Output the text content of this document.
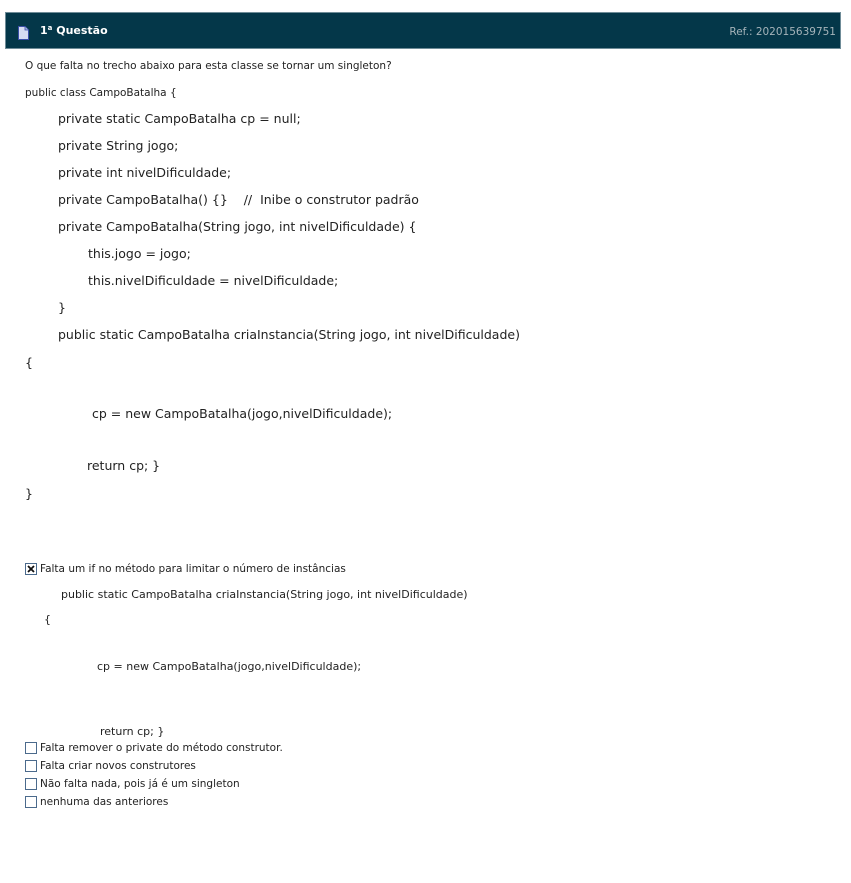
1$^a$ Questão	Ref.: 202015639751
O que falta no trecho abaixo para esta classe se tornar um singleton?
public class CampoBatalha {
private static CampoBatalha cp = null;
private String jogo;
private int nivelDificuldade;
private CampoBatalha() {}    //  Inibe o construtor padrão
private CampoBatalha(String jogo, int nivelDificuldade) {
this.jogo = jogo;
this.nivelDificuldade = nivelDificuldade;
}
public static CampoBatalha criaInstancia(String jogo, int nivelDificuldade)
{
cp = new CampoBatalha(jogo,nivelDificuldade);
return cp; }
}

Falta um if no método para limitar o número de instâncias
public static CampoBatalha criaInstancia(String jogo, int nivelDificuldade)
{
cp = new CampoBatalha(jogo,nivelDificuldade);
return cp; }
Falta remover o private do método construtor.
Falta criar novos construtores
Não falta nada, pois já é um singleton
nenhuma das anteriores
